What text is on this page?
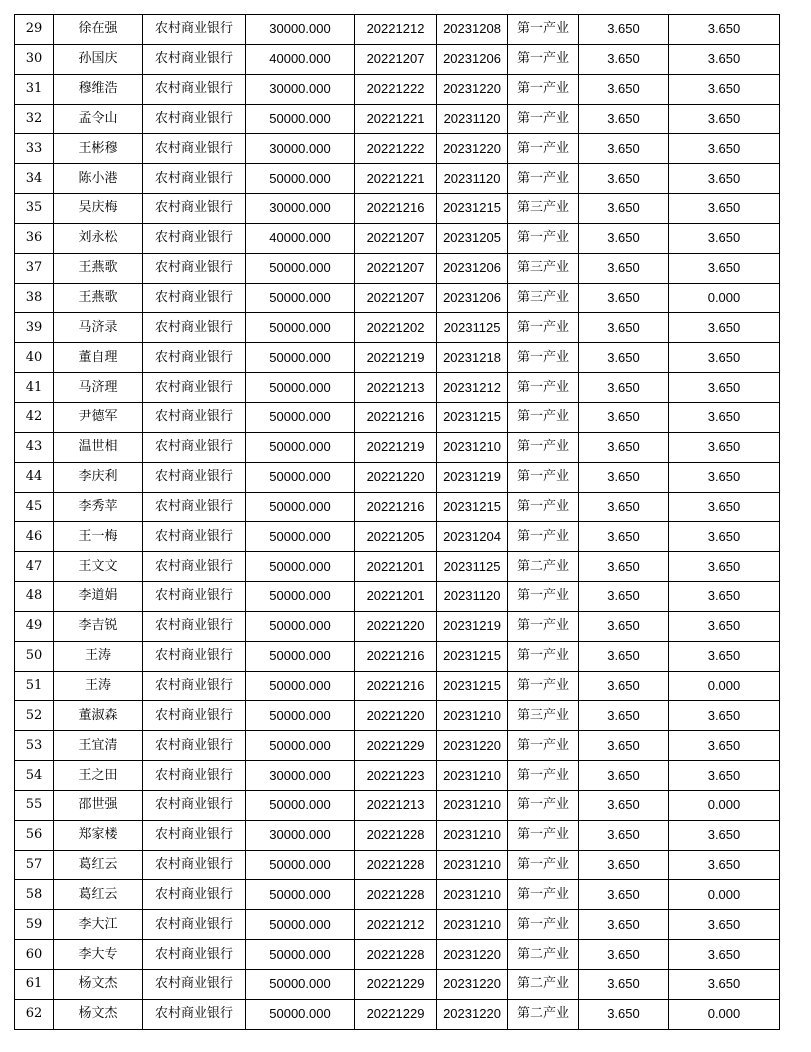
29	徐在强	农村商业银行	30000.000	20221212	20231208	第一产业	3.650	3.650
30	孙国庆	农村商业银行	40000.000	20221207	20231206	第一产业	3.650	3.650
31	穆维浩	农村商业银行	30000.000	20221222	20231220	第一产业	3.650	3.650
32	孟令山	农村商业银行	50000.000	20221221	20231120	第一产业	3.650	3.650
33	王彬穆	农村商业银行	30000.000	20221222	20231220	第一产业	3.650	3.650
34	陈小港	农村商业银行	50000.000	20221221	20231120	第一产业	3.650	3.650
35	吴庆梅	农村商业银行	30000.000	20221216	20231215	第三产业	3.650	3.650
36	刘永松	农村商业银行	40000.000	20221207	20231205	第一产业	3.650	3.650
37	王燕歌	农村商业银行	50000.000	20221207	20231206	第三产业	3.650	3.650
38	王燕歌	农村商业银行	50000.000	20221207	20231206	第三产业	3.650	0.000
39	马济录	农村商业银行	50000.000	20221202	20231125	第一产业	3.650	3.650
40	董自理	农村商业银行	50000.000	20221219	20231218	第一产业	3.650	3.650
41	马济理	农村商业银行	50000.000	20221213	20231212	第一产业	3.650	3.650
42	尹德军	农村商业银行	50000.000	20221216	20231215	第一产业	3.650	3.650
43	温世相	农村商业银行	50000.000	20221219	20231210	第一产业	3.650	3.650
44	李庆利	农村商业银行	50000.000	20221220	20231219	第一产业	3.650	3.650
45	李秀苹	农村商业银行	50000.000	20221216	20231215	第一产业	3.650	3.650
46	王一梅	农村商业银行	50000.000	20221205	20231204	第一产业	3.650	3.650
47	王文文	农村商业银行	50000.000	20221201	20231125	第二产业	3.650	3.650
48	李道娟	农村商业银行	50000.000	20221201	20231120	第一产业	3.650	3.650
49	李吉锐	农村商业银行	50000.000	20221220	20231219	第一产业	3.650	3.650
50	王涛	农村商业银行	50000.000	20221216	20231215	第一产业	3.650	3.650
51	王涛	农村商业银行	50000.000	20221216	20231215	第一产业	3.650	0.000
52	董淑森	农村商业银行	50000.000	20221220	20231210	第三产业	3.650	3.650
53	王宜清	农村商业银行	50000.000	20221229	20231220	第一产业	3.650	3.650
54	王之田	农村商业银行	30000.000	20221223	20231210	第一产业	3.650	3.650
55	邵世强	农村商业银行	50000.000	20221213	20231210	第一产业	3.650	0.000
56	郑家楼	农村商业银行	30000.000	20221228	20231210	第一产业	3.650	3.650
57	葛红云	农村商业银行	50000.000	20221228	20231210	第一产业	3.650	3.650
58	葛红云	农村商业银行	50000.000	20221228	20231210	第一产业	3.650	0.000
59	李大江	农村商业银行	50000.000	20221212	20231210	第一产业	3.650	3.650
60	李大专	农村商业银行	50000.000	20221228	20231220	第二产业	3.650	3.650
61	杨文杰	农村商业银行	50000.000	20221229	20231220	第二产业	3.650	3.650
62	杨文杰	农村商业银行	50000.000	20221229	20231220	第二产业	3.650	0.000
